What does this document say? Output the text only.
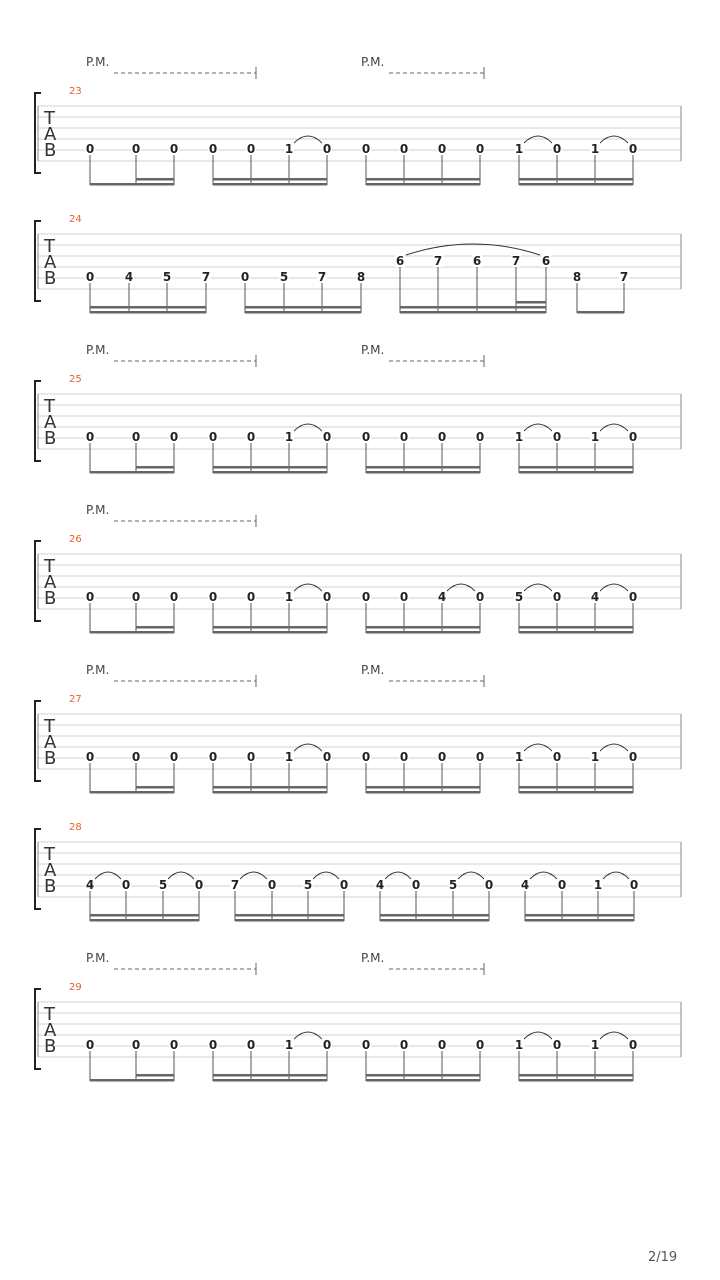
P.M.	P.M.
23
T
A
B 0	0 0	0 0 1 0	0 0 0 0	1 0 1 0
24
T
A
B 0	4 5	7	0	5 7	8
6 7	6	7 6
8	7
P.M.	P.M.
25
T
A
B 0	0 0	0 0 1 0	0 0 0 0	1 0 1 0
P.M.
26
T
A
B 0	0 0	0 0 1 0	0 0 4 0	5 0 4 0
P.M.	P.M.
27
T
A
B 0	0 0	0 0 1 0	0 0 0 0	1 0 1 0
28
T
A
B 4 0 5 0 7 0 5 0 4 0 5 0 4 0 1 0
P.M.	P.M.
29
T
A
B 0	0 0	0 0 1 0	0 0 0 0	1 0 1 0
2/19
